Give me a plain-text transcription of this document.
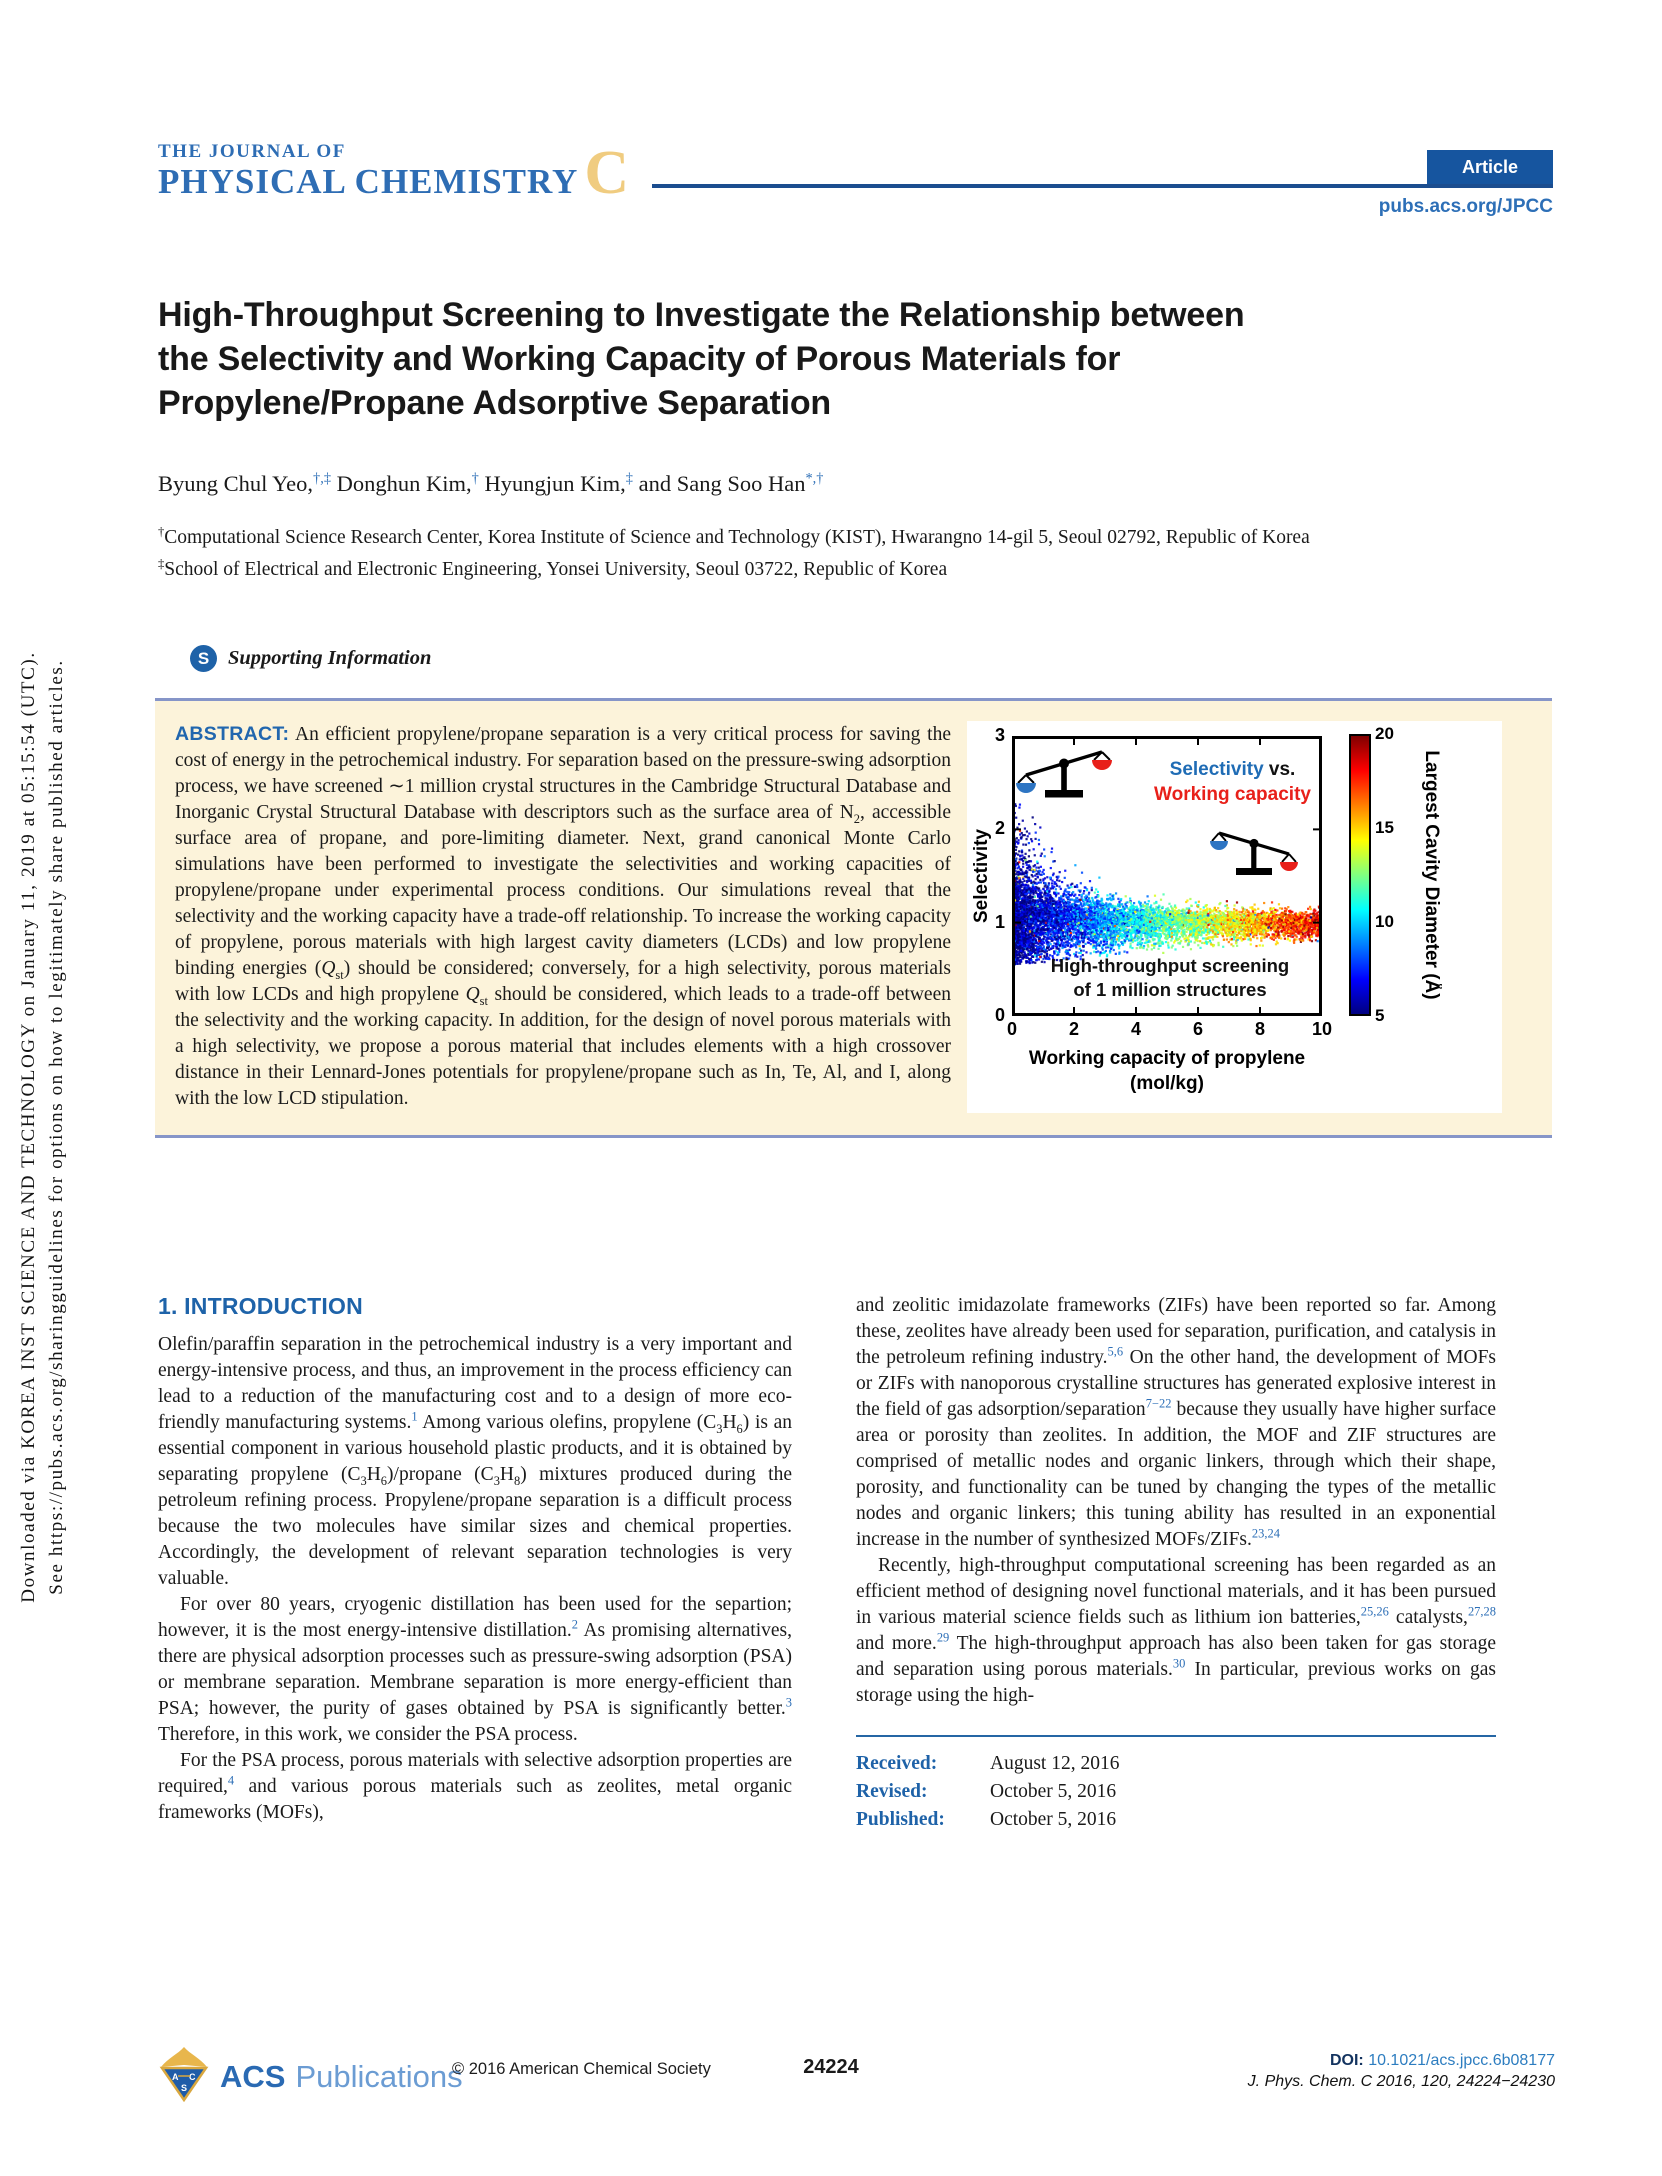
Downloaded via KOREA INST SCIENCE AND TECHNOLOGY on January 11, 2019 at 05:15:54 (UTC). See https://pubs.acs.org/sharingguidelines for options on how to legitimately share published articles.
THE JOURNAL OF
PHYSICAL CHEMISTRY C	Article
pubs.acs.org/JPCC
High-Throughput Screening to Investigate the Relationship between
the Selectivity and Working Capacity of Porous Materials for
Propylene/Propane Adsorptive Separation
Byung Chul Yeo,†,‡ Donghun Kim,† Hyungjun Kim,‡ and Sang Soo Han*,†
†Computational Science Research Center, Korea Institute of Science and Technology (KIST), Hwarangno 14-gil 5, Seoul 02792, Republic of Korea
‡School of Electrical and Electronic Engineering, Yonsei University, Seoul 03722, Republic of Korea
S Supporting Information
Selectivity vs.
Working capacity
High-throughput screening
of 1 million structures
Selectivity
Working capacity of propylene
(mol/kg)
Largest Cavity Diameter (Å)
0	2	4	6	8	10
0
1
2
3
5
10
15
20
ABSTRACT: An efficient propylene/propane separation is a very critical process for saving the cost of energy in the petrochemical industry. For separation based on the pressure-swing adsorption process, we have screened ∼1 million crystal structures in the Cambridge Structural Database and Inorganic Crystal Structural Database with descriptors such as the surface area of $N_2$, accessible surface area of propane, and pore-limiting diameter. Next, grand canonical Monte Carlo simulations have been performed to investigate the selectivities and working capacities of propylene/propane under experimental process conditions. Our simulations reveal that the selectivity and the working capacity have a trade-off relationship. To increase the working capacity of propylene, porous materials with high largest cavity diameters (LCDs) and low propylene binding energies $(Q_{st})$ should be considered; conversely, for a high selectivity, porous materials with low LCDs and high propylene $Q_{st}$ should be considered, which leads to a trade-off between the selectivity and the working capacity. In addition, for the design of novel porous materials with a high selectivity, we propose a porous material that includes elements with a high crossover distance in their Lennard-Jones potentials for propylene/propane such as In, Te, Al, and I, along with the low LCD stipulation.
1. INTRODUCTION

Olefin/paraffin separation in the petrochemical industry is a very important and energy-intensive process, and thus, an improvement in the process efficiency can lead to a reduction of the manufacturing cost and to a design of more eco-friendly manufacturing systems.$^1$ Among various olefins, propylene $(C_3H_6)$ is an essential component in various household plastic products, and it is obtained by separating propylene $(C_3H_6)$/propane $(C_3H_8)$ mixtures produced during the petroleum refining process. Propylene/propane separation is a difficult process because the two molecules have similar sizes and chemical properties. Accordingly, the development of relevant separation technologies is very valuable.

For over 80 years, cryogenic distillation has been used for the separtion; however, it is the most energy-intensive distillation.$^2$ As promising alternatives, there are physical adsorption processes such as pressure-swing adsorption (PSA) or membrane separation. Membrane separation is more energy-efficient than PSA; however, the purity of gases obtained by PSA is significantly better.$^3$ Therefore, in this work, we consider the PSA process.

For the PSA process, porous materials with selective adsorption properties are required,$^4$ and various porous materials such as zeolites, metal organic frameworks (MOFs),

and zeolitic imidazolate frameworks (ZIFs) have been reported so far. Among these, zeolites have already been used for separation, purification, and catalysis in the petroleum refining industry.$^{5,6}$ On the other hand, the development of MOFs or ZIFs with nanoporous crystalline structures has generated explosive interest in the field of gas adsorption/separation$^{7-22}$ because they usually have higher surface area or porosity than zeolites. In addition, the MOF and ZIF structures are comprised of metallic nodes and organic linkers, through which their shape, porosity, and functionality can be tuned by changing the types of the metallic nodes and organic linkers; this tuning ability has resulted in an exponential increase in the number of synthesized MOFs/ZIFs.$^{23,24}$

Recently, high-throughput computational screening has been regarded as an efficient method of designing novel functional materials, and it has been pursued in various material science fields such as lithium ion batteries,$^{25,26}$ catalysts,$^{27,28}$ and more.$^{29}$ The high-throughput approach has also been taken for gas storage and separation using porous materials.$^{30}$ In particular, previous works on gas storage using the high-

Received:	August 12, 2016
Revised:	October 5, 2016
Published:	October 5, 2016
A C
S ACS Publications
© 2016 American Chemical Society	24224	DOI: 10.1021/acs.jpcc.6b08177
J. Phys. Chem. C 2016, 120, 24224−24230
